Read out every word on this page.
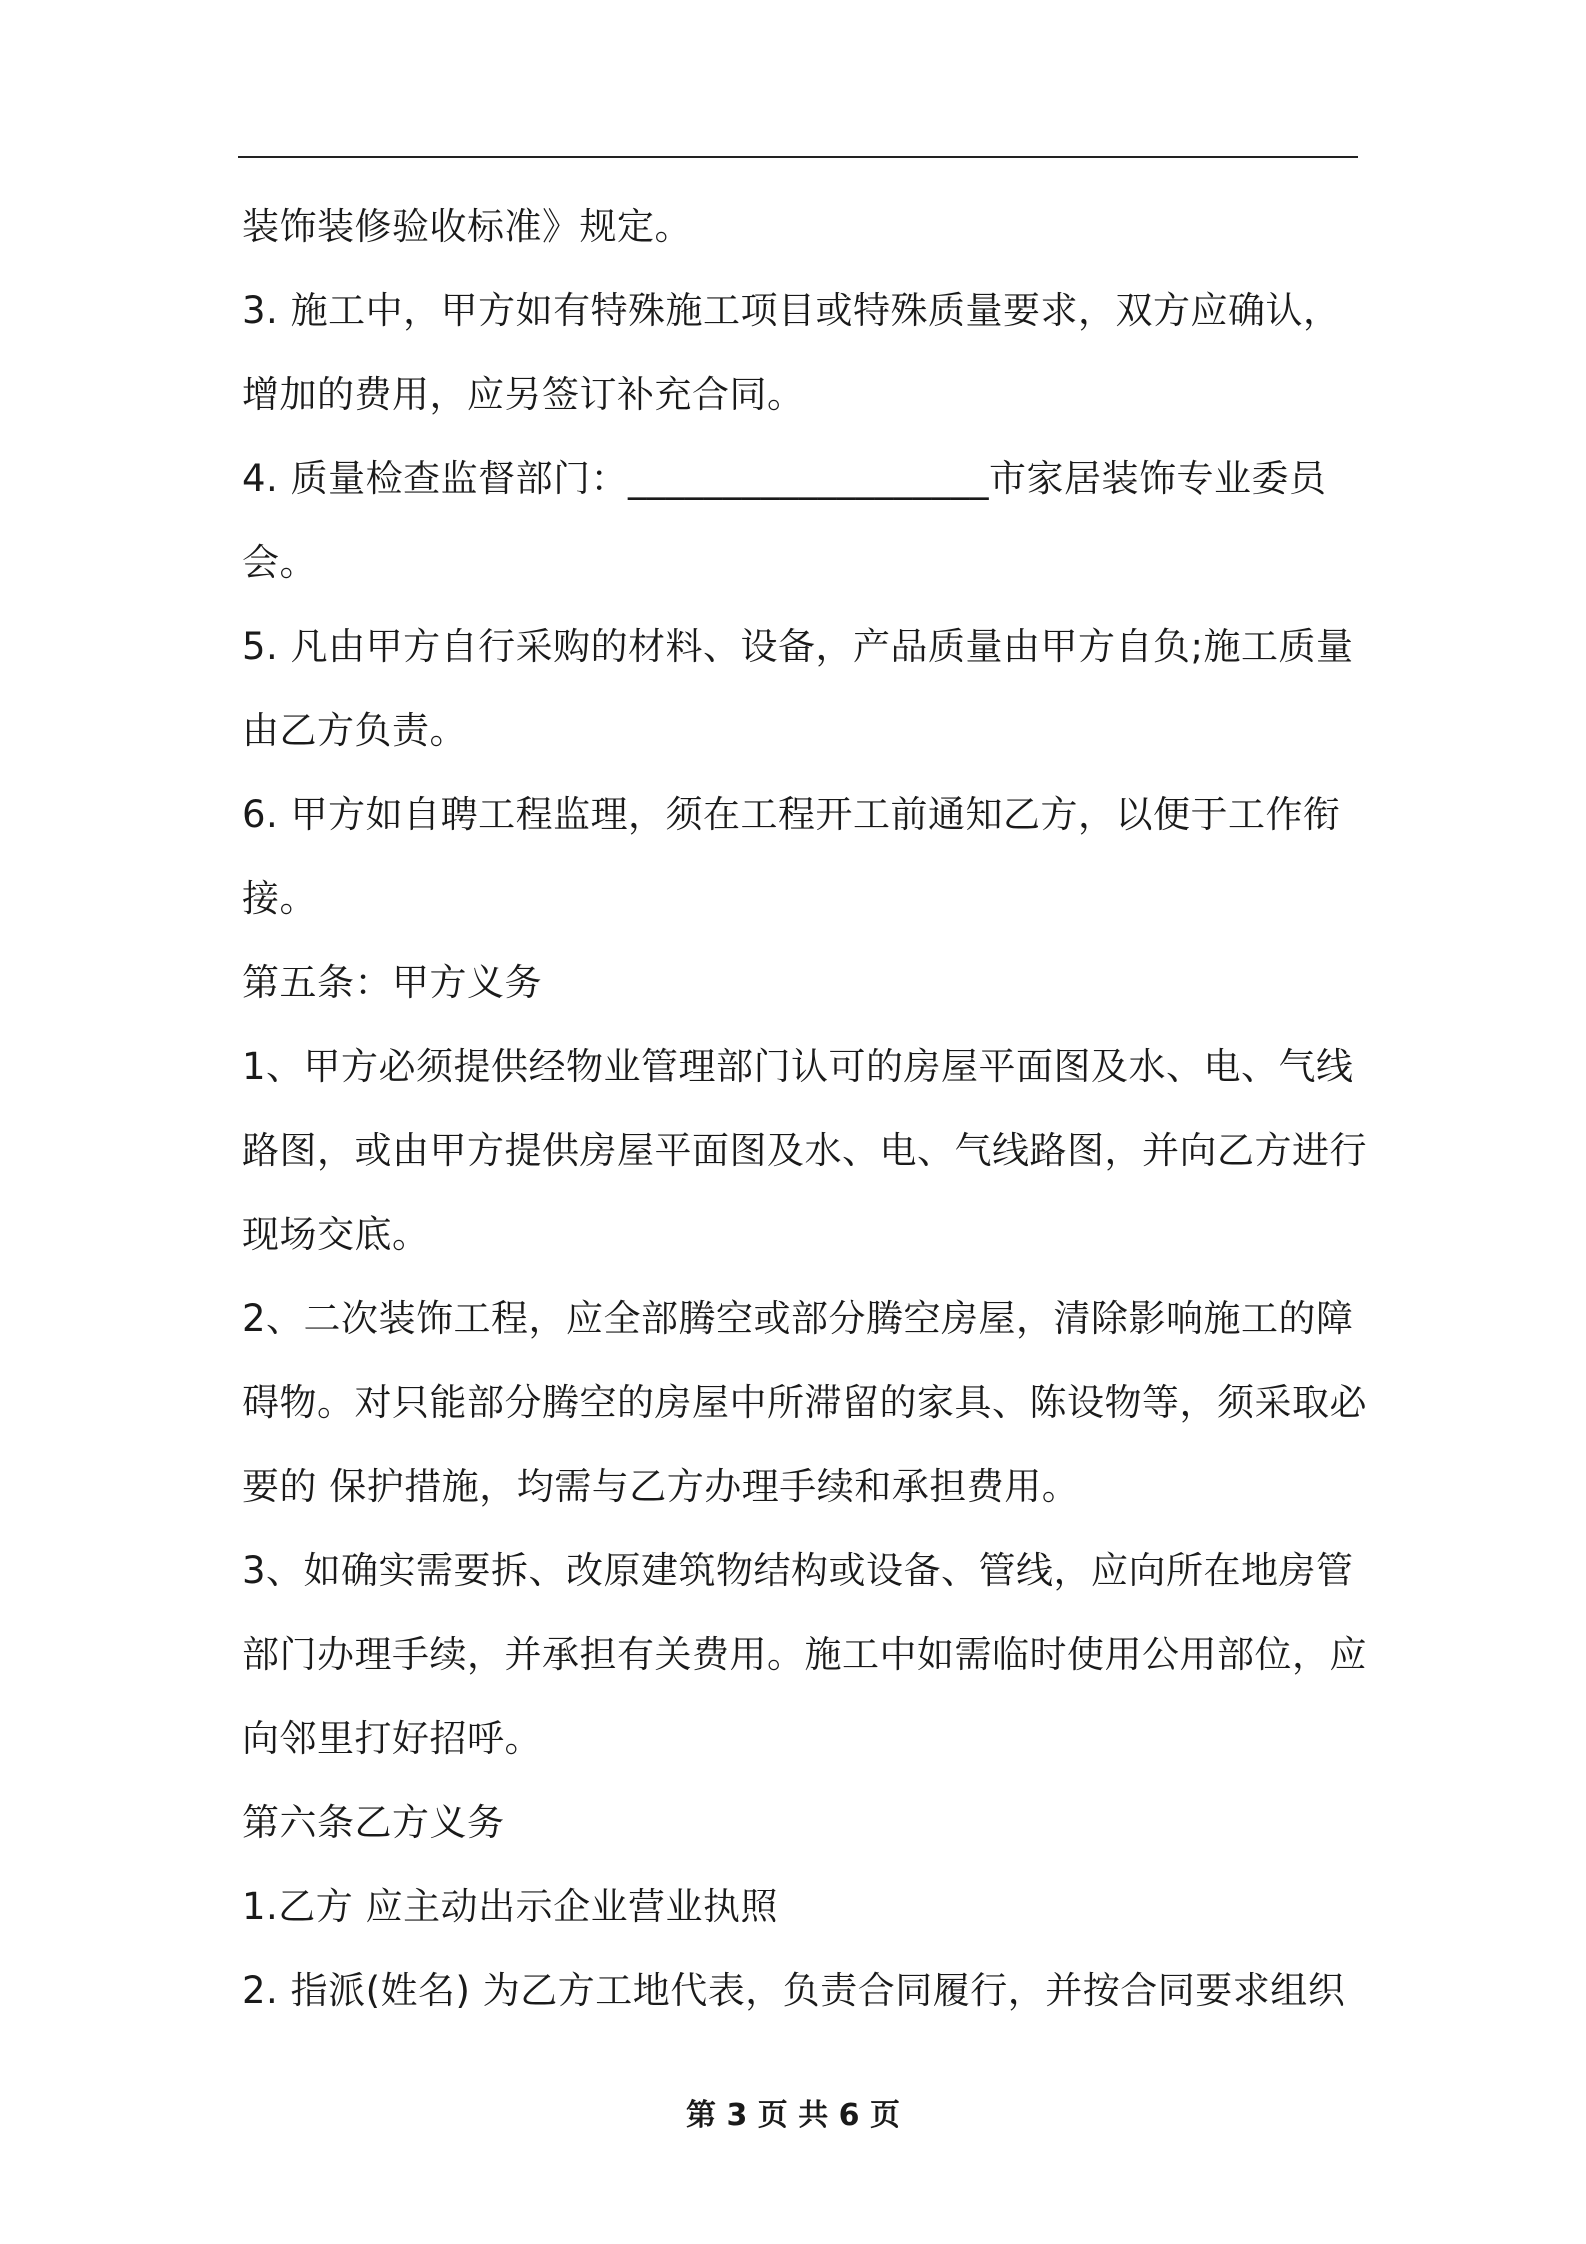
装饰装修验收标准》规定。
3. 施工中，甲方如有特殊施工项目或特殊质量要求，双方应确认，
增加的费用，应另签订补充合同。
4. 质量检查监督部门：___________________市家居装饰专业委员
会。
5. 凡由甲方自行采购的材料、设备，产品质量由甲方自负;施工质量
由乙方负责。
6. 甲方如自聘工程监理，须在工程开工前通知乙方，以便于工作衔
接。
第五条：甲方义务
1、甲方必须提供经物业管理部门认可的房屋平面图及水、电、气线
路图，或由甲方提供房屋平面图及水、电、气线路图，并向乙方进行
现场交底。
2、二次装饰工程，应全部腾空或部分腾空房屋，清除影响施工的障
碍物。对只能部分腾空的房屋中所滞留的家具、陈设物等，须采取必
要的 保护措施，均需与乙方办理手续和承担费用。
3、如确实需要拆、改原建筑物结构或设备、管线，应向所在地房管
部门办理手续，并承担有关费用。施工中如需临时使用公用部位，应
向邻里打好招呼。
第六条乙方义务
1.乙方 应主动出示企业营业执照
2. 指派(姓名) 为乙方工地代表，负责合同履行，并按合同要求组织
第 3 页 共 6 页
